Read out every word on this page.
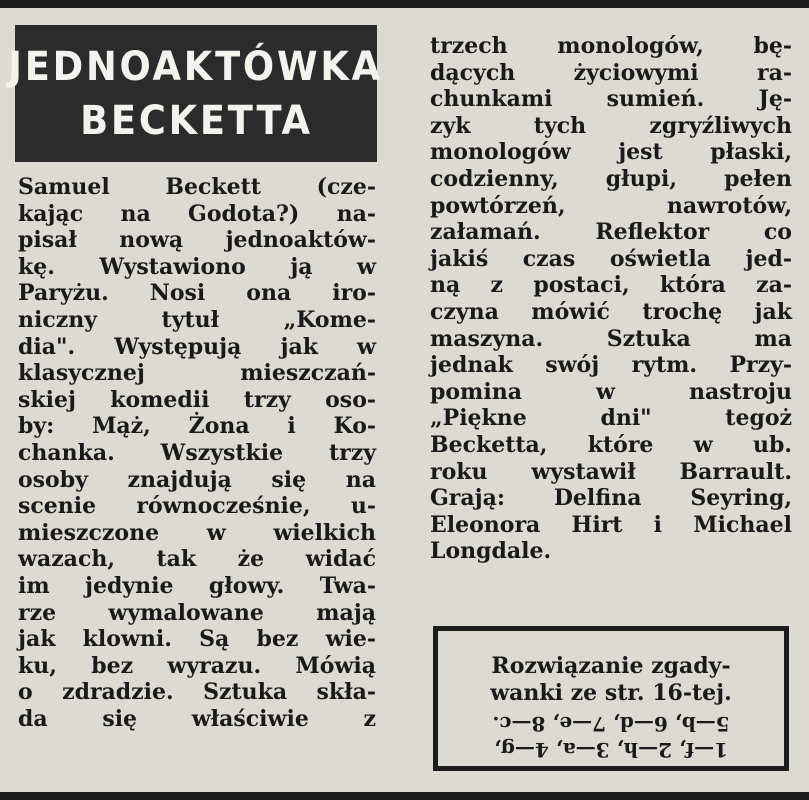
JEDNOAKTÓWKA
BECKETTA
Samuel Beckett (cze-
kając na Godota?) na-
pisał nową jednoaktów-
kę. Wystawiono ją w
Paryżu. Nosi ona iro-
niczny tytuł „Kome-
dia". Występują jak w
klasycznej mieszczań-
skiej komedii trzy oso-
by: Mąż, Żona i Ko-
chanka. Wszystkie trzy
osoby znajdują się na
scenie równocześnie, u-
mieszczone w wielkich
wazach, tak że widać
im jedynie głowy. Twa-
rze wymalowane mają
jak klowni. Są bez wie-
ku, bez wyrazu. Mówią
o zdradzie. Sztuka skła-
da się właściwie z
trzech monologów, bę-
dących życiowymi ra-
chunkami sumień. Ję-
zyk tych zgryźliwych
monologów jest płaski,
codzienny, głupi, pełen
powtórzeń, nawrotów,
załamań. Reflektor co
jakiś czas oświetla jed-
ną z postaci, która za-
czyna mówić trochę jak
maszyna. Sztuka ma
jednak swój rytm. Przy-
pomina w nastroju
„Piękne dni" tegoż
Becketta, które w ub.
roku wystawił Barrault.
Grają: Delfina Seyring,
Eleonora Hirt i Michael
Longdale.
Rozwiązanie zgady-
wanki ze str. 16-tej.
1—f, 2—h, 3—a, 4—g,
5—b, 6—d, 7—e, 8—c.
